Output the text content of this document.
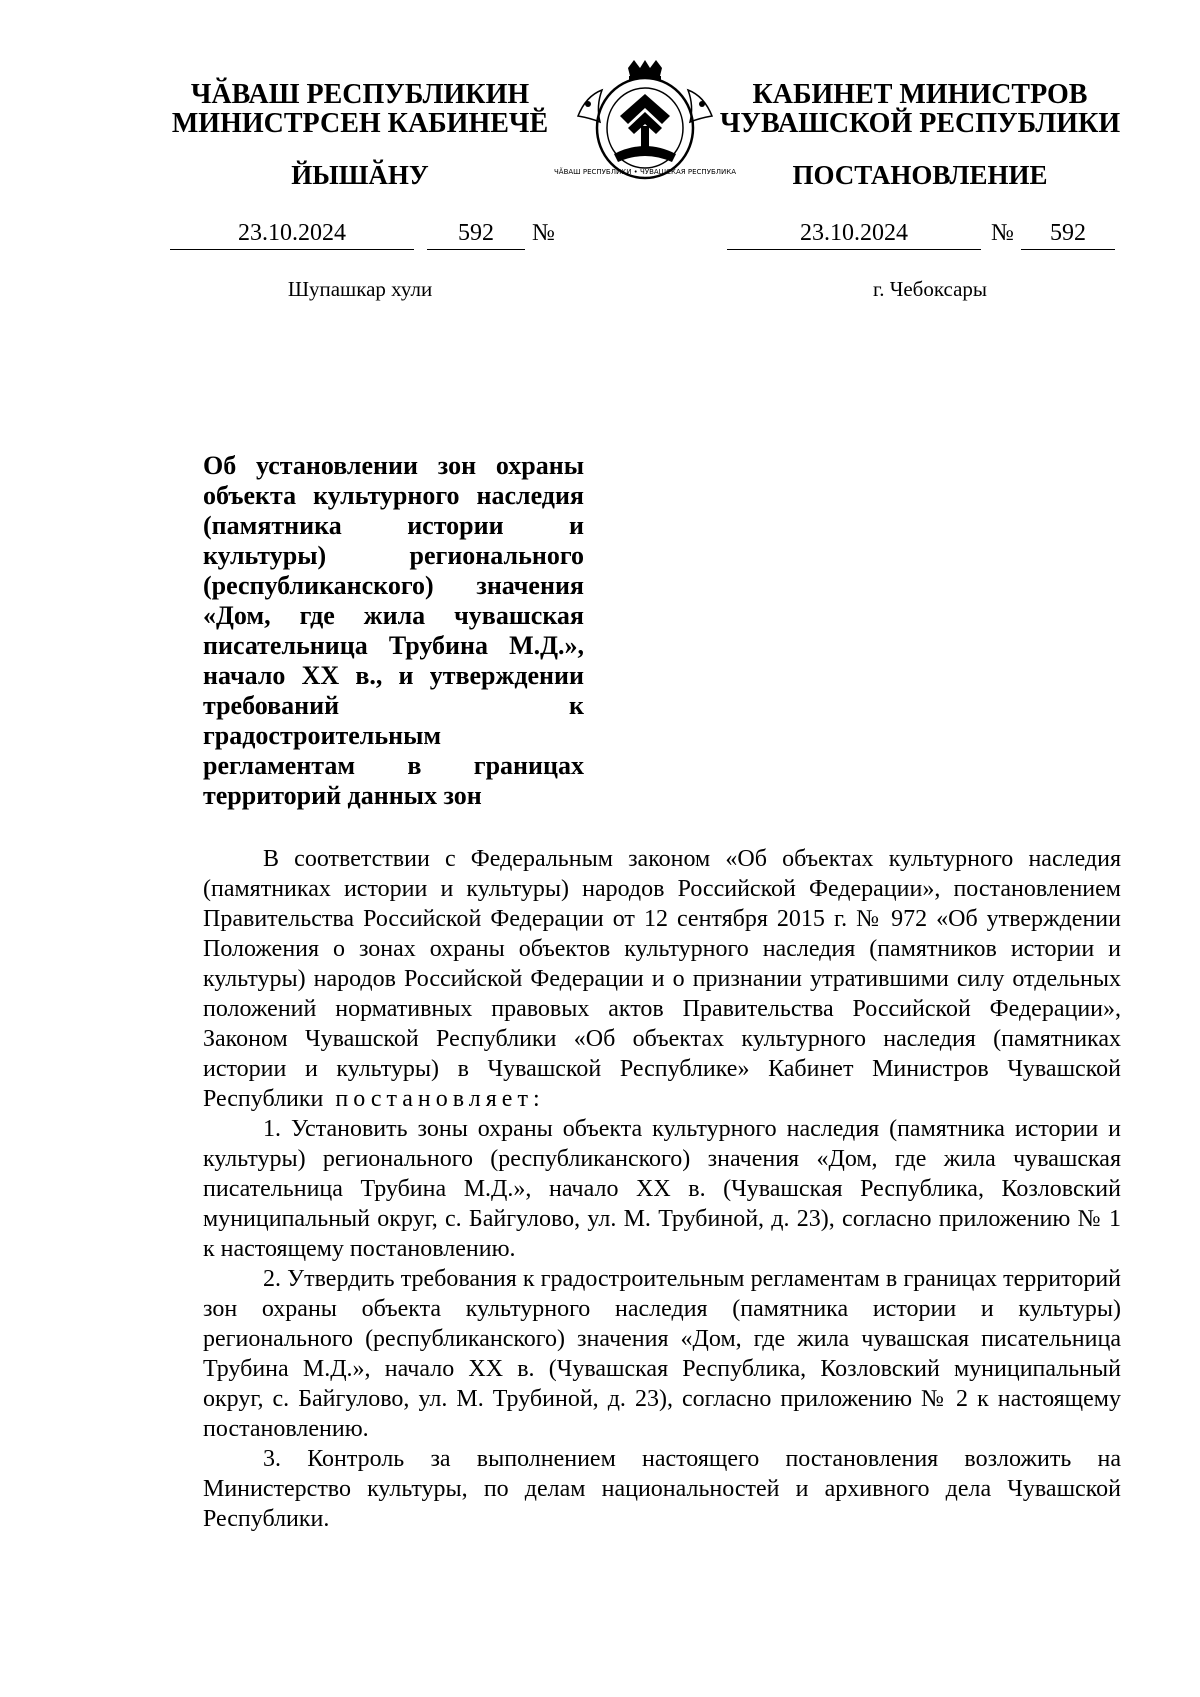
ЧӐВАШ РЕСПУБЛИКИН
МИНИСТРСЕН КАБИНЕЧӖ
ЙЫШӐНУ	ЧӐВАШ РЕСПУБЛИКИ • ЧУВАШСКАЯ РЕСПУБЛИКА
КАБИНЕТ МИНИСТРОВ
ЧУВАШСКОЙ РЕСПУБЛИКИ
ПОСТАНОВЛЕНИЕ
23.10.2024	592	№	23.10.2024	№	592
Шупашкар хули	г. Чебоксары
Об установлении зон охраны объекта культурного наследия (памятника истории и культуры) регионального (республиканского) значения «Дом, где жила чувашская писательница Трубина М.Д.», начало XX в., и утверждении требований к градостроительным регламентам в границах территорий данных зон

В соответствии с Федеральным законом «Об объектах культурного наследия (памятниках истории и культуры) народов Российской Федерации», постановлением Правительства Российской Федерации от 12 сентября 2015 г. № 972 «Об утверждении Положения о зонах охраны объектов культурного наследия (памятников истории и культуры) народов Российской Федерации и о признании утратившими силу отдельных положений нормативных правовых актов Правительства Российской Федерации», Законом Чувашской Республики «Об объектах культурного наследия (памятниках истории и культуры) в Чувашской Республике» Кабинет Министров Чувашской Республики постановляет:

1. Установить зоны охраны объекта культурного наследия (памятника истории и культуры) регионального (республиканского) значения «Дом, где жила чувашская писательница Трубина М.Д.», начало XX в. (Чувашская Республика, Козловский муниципальный округ, с. Байгулово, ул. М. Трубиной, д. 23), согласно приложению № 1 к настоящему постановлению.

2. Утвердить требования к градостроительным регламентам в границах территорий зон охраны объекта культурного наследия (памятника истории и культуры) регионального (республиканского) значения «Дом, где жила чувашская писательница Трубина М.Д.», начало XX в. (Чувашская Республика, Козловский муниципальный округ, с. Байгулово, ул. М. Трубиной, д. 23), согласно приложению № 2 к настоящему постановлению.

3. Контроль за выполнением настоящего постановления возложить на Министерство культуры, по делам национальностей и архивного дела Чувашской Республики.
